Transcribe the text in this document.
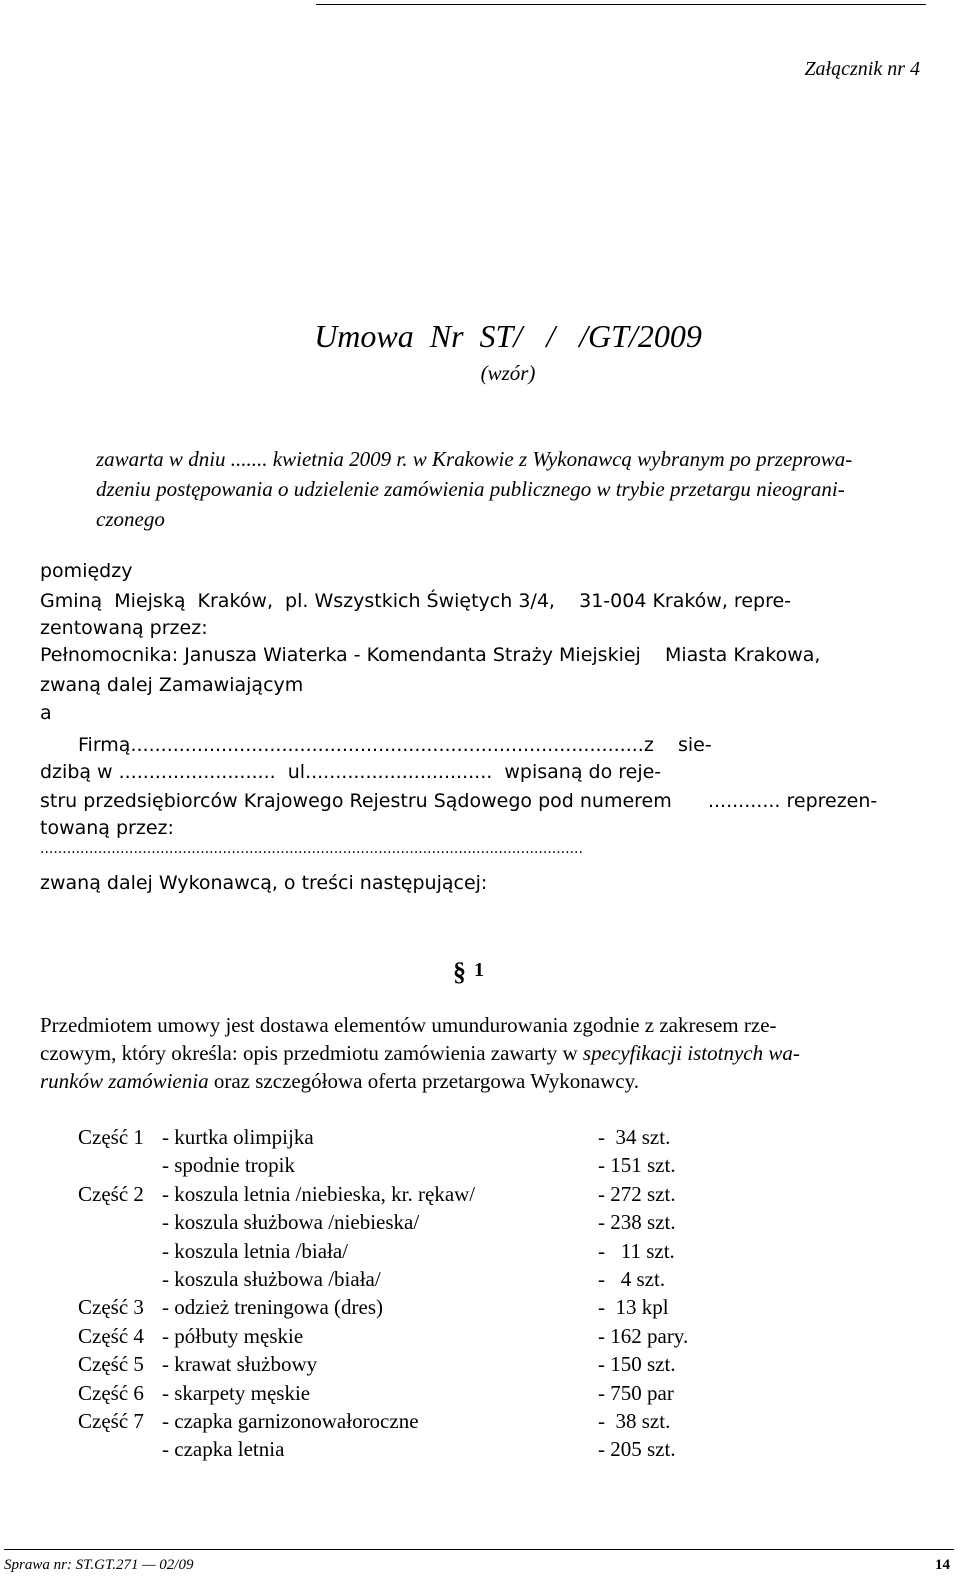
Załącznik nr 4
Umowa  Nr  ST/   /   /GT/2009
(wzór)
zawarta w dniu ....... kwietnia 2009 r. w Krakowie z Wykonawcą wybranym po przeprowa-
dzeniu postępowania o udzielenie zamówienia publicznego w trybie przetargu nieograni-
czonego
pomiędzy
Gminą  Miejską  Kraków,  pl. Wszystkich Świętych 3/4,    31-004 Kraków, repre-
zentowaną przez:
Pełnomocnika: Janusza Wiaterka - Komendanta Straży Miejskiej    Miasta Krakowa,
zwaną dalej Zamawiającym
a
Firmą.....................................................................................z    sie-
dzibą w ..........................  ul...............................  wpisaną do reje-
stru przedsiębiorców Krajowego Rejestru Sądowego pod numerem      ............ reprezen-
towaną przez:
..........................................................................................................................
zwaną dalej Wykonawcą, o treści następującej:
§ 1
Przedmiotem umowy jest dostawa elementów umundurowania zgodnie z zakresem rze-
czowym, który określa: opis przedmiotu zamówienia zawarty w specyfikacji istotnych wa-
runków zamówienia oraz szczegółowa oferta przetargowa Wykonawcy.
Część 1 - kurtka olimpijka	-  34 szt.
- spodnie tropik	- 151 szt.
Część 2 - koszula letnia /niebieska, kr. rękaw/	- 272 szt.
- koszula służbowa /niebieska/	- 238 szt.
- koszula letnia /biała/	-   11 szt.
- koszula służbowa /biała/	-   4 szt.
Część 3 - odzież treningowa (dres)	-  13 kpl
Część 4 - półbuty męskie	- 162 pary.
Część 5 - krawat służbowy	- 150 szt.
Część 6 - skarpety męskie	- 750 par
Część 7 - czapka garnizonowałoroczne	-  38 szt.
- czapka letnia	- 205 szt.
Sprawa nr: ST.GT.271 — 02/09	14
